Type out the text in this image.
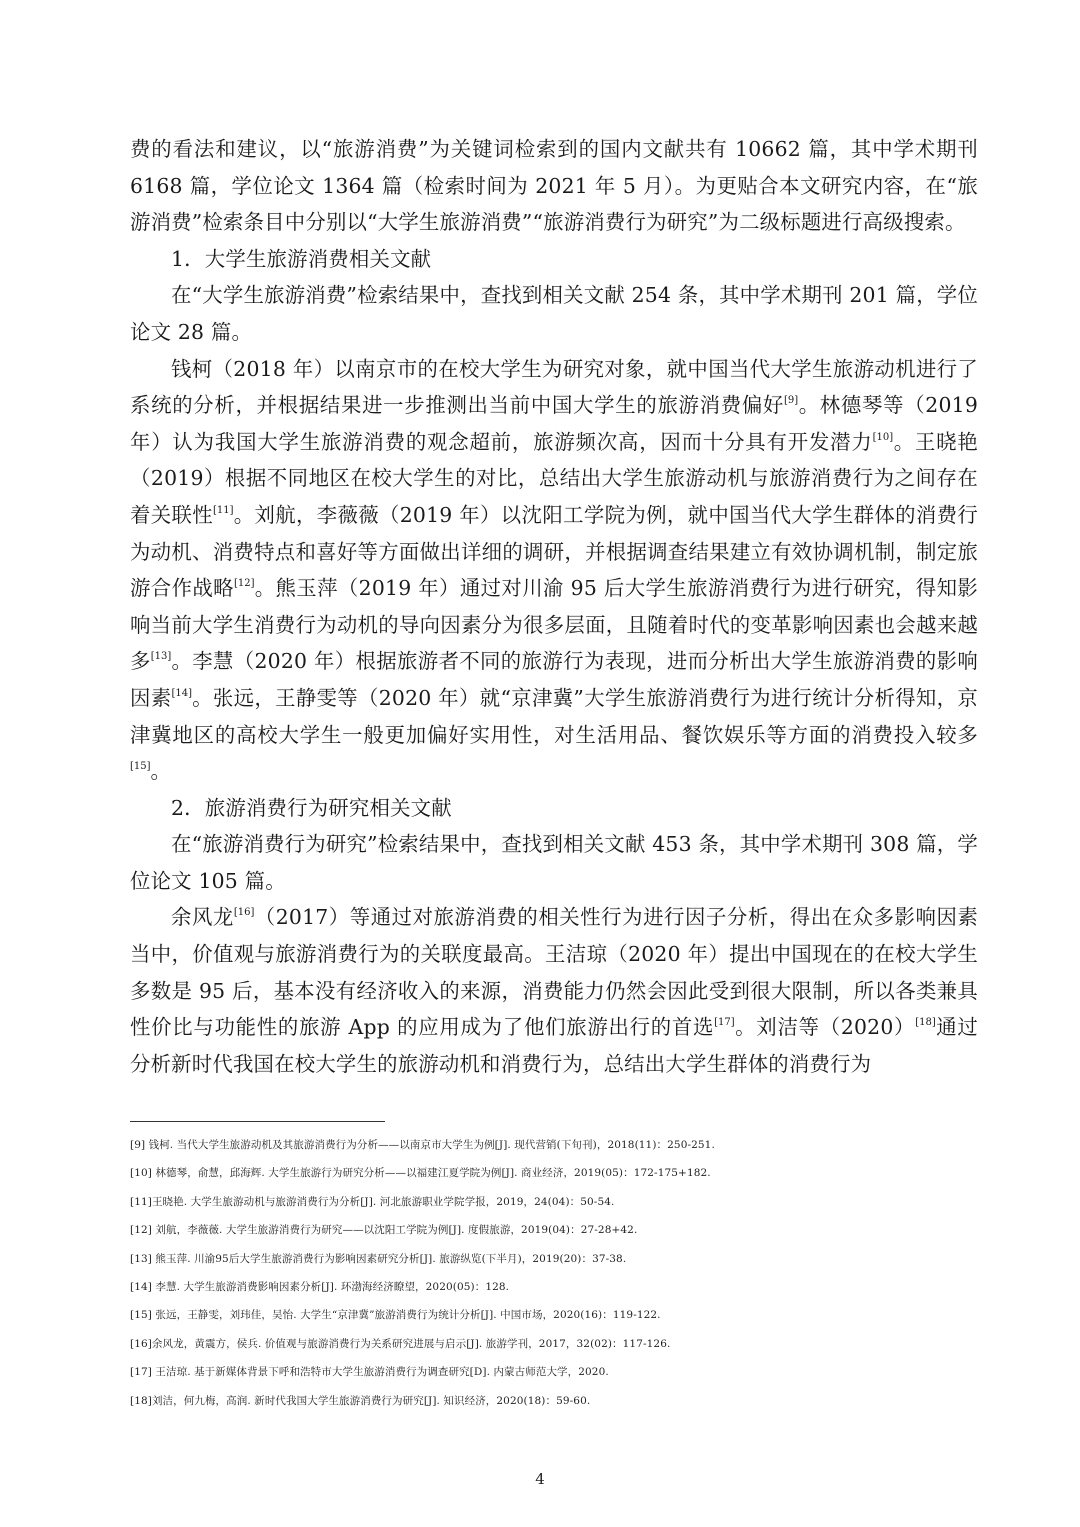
费的看法和建议，以“旅游消费”为关键词检索到的国内文献共有 10662 篇，其中学术期刊 6168 篇，学位论文 1364 篇（检索时间为 2021 年 5 月）。为更贴合本文研究内容，在“旅游消费”检索条目中分别以“大学生旅游消费”“旅游消费行为研究”为二级标题进行高级搜索。

1．大学生旅游消费相关文献

在“大学生旅游消费”检索结果中，查找到相关文献 254 条，其中学术期刊 201 篇，学位论文 28 篇。

钱柯（2018 年）以南京市的在校大学生为研究对象，就中国当代大学生旅游动机进行了系统的分析，并根据结果进一步推测出当前中国大学生的旅游消费偏好[9]。林德琴等（2019 年）认为我国大学生旅游消费的观念超前，旅游频次高，因而十分具有开发潜力[10]。王晓艳（2019）根据不同地区在校大学生的对比，总结出大学生旅游动机与旅游消费行为之间存在着关联性[11]。刘航，李薇薇（2019 年）以沈阳工学院为例，就中国当代大学生群体的消费行为动机、消费特点和喜好等方面做出详细的调研，并根据调查结果建立有效协调机制，制定旅游合作战略[12]。熊玉萍（2019 年）通过对川渝 95 后大学生旅游消费行为进行研究，得知影响当前大学生消费行为动机的导向因素分为很多层面，且随着时代的变革影响因素也会越来越多[13]。李慧（2020 年）根据旅游者不同的旅游行为表现，进而分析出大学生旅游消费的影响因素[14]。张远，王静雯等（2020 年）就“京津冀”大学生旅游消费行为进行统计分析得知，京津冀地区的高校大学生一般更加偏好实用性，对生活用品、餐饮娱乐等方面的消费投入较多[15]。

2．旅游消费行为研究相关文献

在“旅游消费行为研究”检索结果中，查找到相关文献 453 条，其中学术期刊 308 篇，学位论文 105 篇。

余风龙[16]（2017）等通过对旅游消费的相关性行为进行因子分析，得出在众多影响因素当中，价值观与旅游消费行为的关联度最高。王洁琼（2020 年）提出中国现在的在校大学生多数是 95 后，基本没有经济收入的来源，消费能力仍然会因此受到很大限制，所以各类兼具性价比与功能性的旅游 App 的应用成为了他们旅游出行的首选[17]。刘洁等（2020）[18]通过分析新时代我国在校大学生的旅游动机和消费行为，总结出大学生群体的消费行为

[9] 钱柯. 当代大学生旅游动机及其旅游消费行为分析——以南京市大学生为例[J]. 现代营销(下旬刊)，2018(11)：250-251.

[10] 林德琴，俞慧，邱海辉. 大学生旅游行为研究分析——以福建江夏学院为例[J]. 商业经济，2019(05)：172-175+182.

[11]王晓艳. 大学生旅游动机与旅游消费行为分析[J]. 河北旅游职业学院学报，2019，24(04)：50-54.

[12] 刘航，李薇薇. 大学生旅游消费行为研究——以沈阳工学院为例[J]. 度假旅游，2019(04)：27-28+42.

[13] 熊玉萍. 川渝95后大学生旅游消费行为影响因素研究分析[J]. 旅游纵览(下半月)，2019(20)：37-38.

[14] 李慧. 大学生旅游消费影响因素分析[J]. 环渤海经济瞭望，2020(05)：128.

[15] 张远，王静雯，刘玮佳，吴怡. 大学生“京津冀”旅游消费行为统计分析[J]. 中国市场，2020(16)：119-122.

[16]余风龙，黄震方，侯兵. 价值观与旅游消费行为关系研究进展与启示[J]. 旅游学刊，2017，32(02)：117-126.

[17] 王洁琼. 基于新媒体背景下呼和浩特市大学生旅游消费行为调查研究[D]. 内蒙古师范大学，2020.

[18]刘洁，何九梅，高润. 新时代我国大学生旅游消费行为研究[J]. 知识经济，2020(18)：59-60.

4
